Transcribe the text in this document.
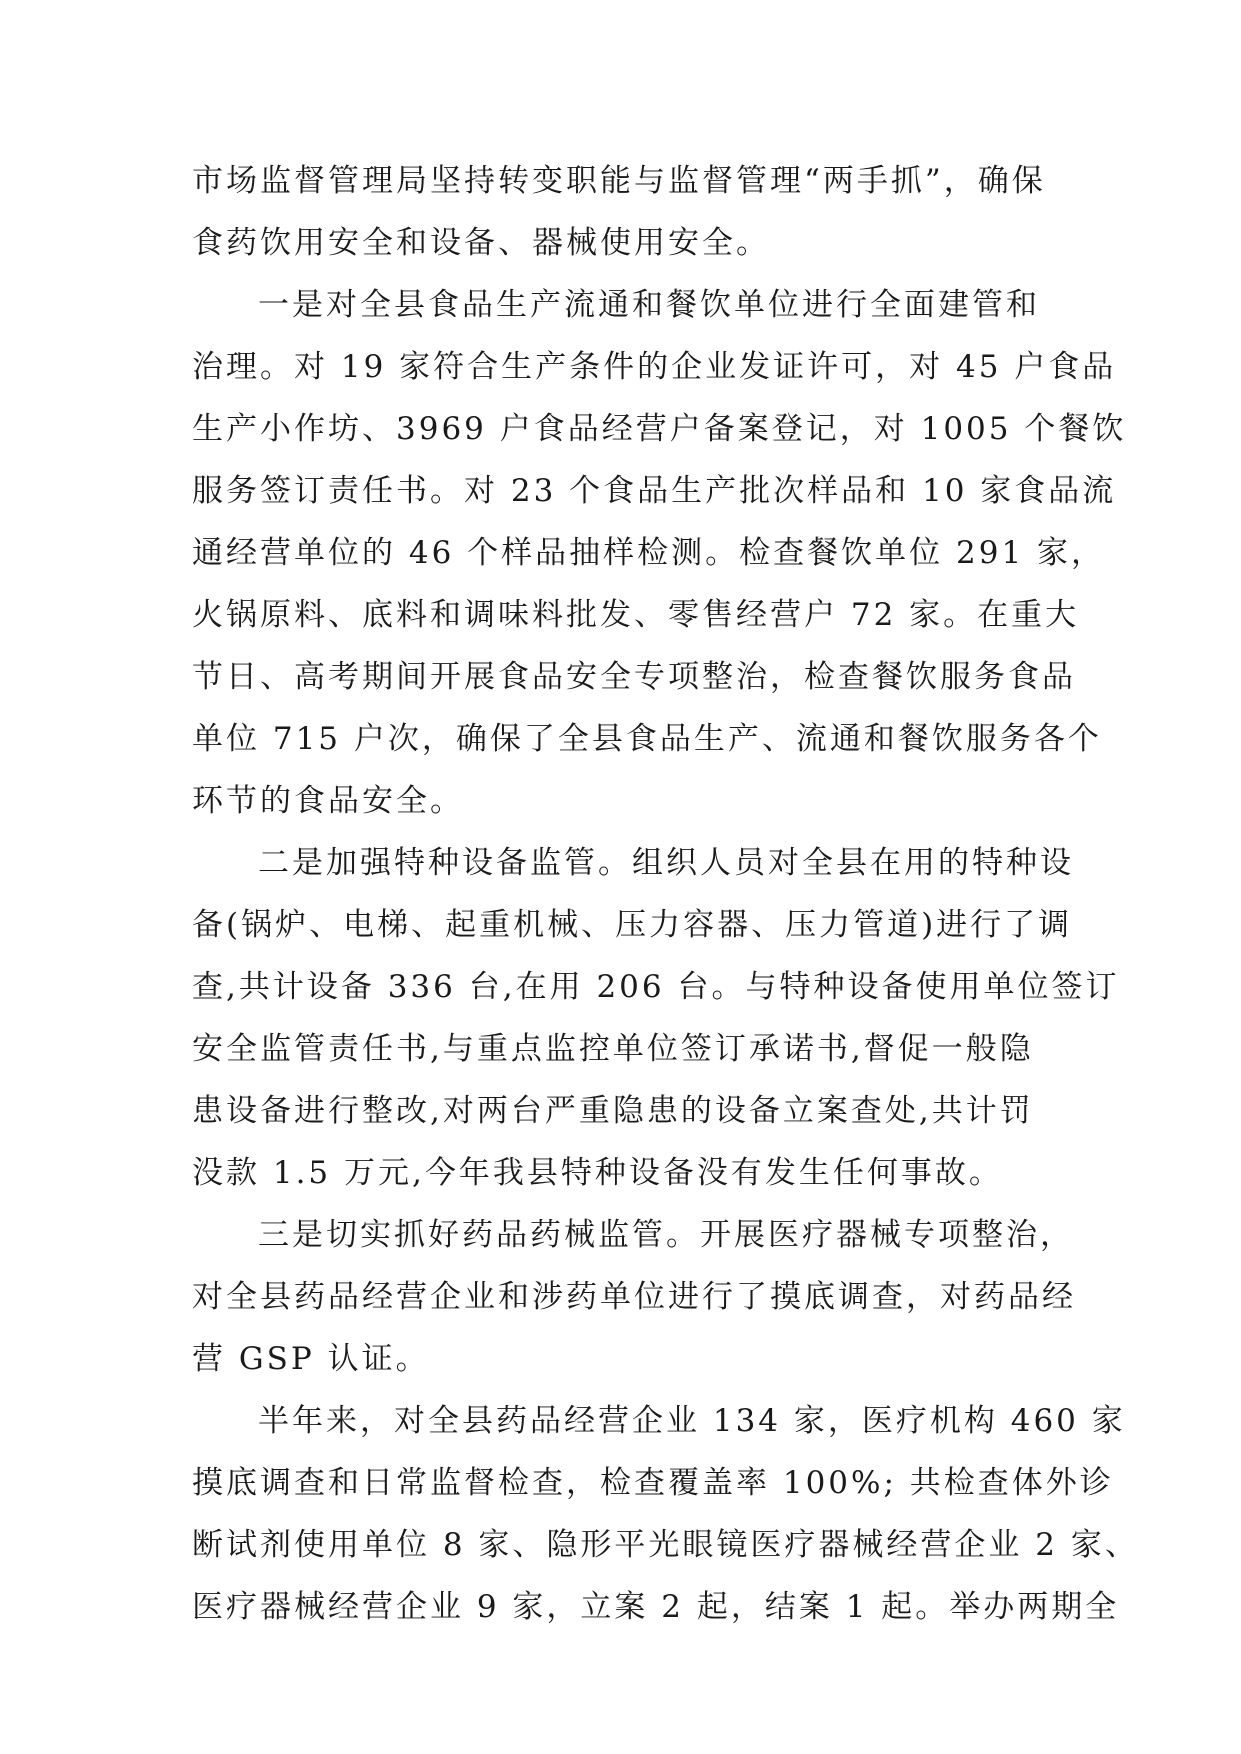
市场监督管理局坚持转变职能与监督管理“两手抓”，确保
食药饮用安全和设备、器械使用安全。
一是对全县食品生产流通和餐饮单位进行全面建管和
治理。对 19 家符合生产条件的企业发证许可，对 45 户食品
生产小作坊、3969 户食品经营户备案登记，对 1005 个餐饮
服务签订责任书。对 23 个食品生产批次样品和 10 家食品流
通经营单位的 46 个样品抽样检测。检查餐饮单位 291 家，
火锅原料、底料和调味料批发、零售经营户 72 家。在重大
节日、高考期间开展食品安全专项整治，检查餐饮服务食品
单位 715 户次，确保了全县食品生产、流通和餐饮服务各个
环节的食品安全。
二是加强特种设备监管。组织人员对全县在用的特种设
备(锅炉、电梯、起重机械、压力容器、压力管道)进行了调
查,共计设备 336 台,在用 206 台。与特种设备使用单位签订
安全监管责任书,与重点监控单位签订承诺书,督促一般隐
患设备进行整改,对两台严重隐患的设备立案查处,共计罚
没款 1.5 万元,今年我县特种设备没有发生任何事故。
三是切实抓好药品药械监管。开展医疗器械专项整治，
对全县药品经营企业和涉药单位进行了摸底调查，对药品经
营 GSP 认证。
半年来，对全县药品经营企业 134 家，医疗机构 460 家
摸底调查和日常监督检查，检查覆盖率 100%; 共检查体外诊
断试剂使用单位 8 家、隐形平光眼镜医疗器械经营企业 2 家、
医疗器械经营企业 9 家，立案 2 起，结案 1 起。举办两期全
